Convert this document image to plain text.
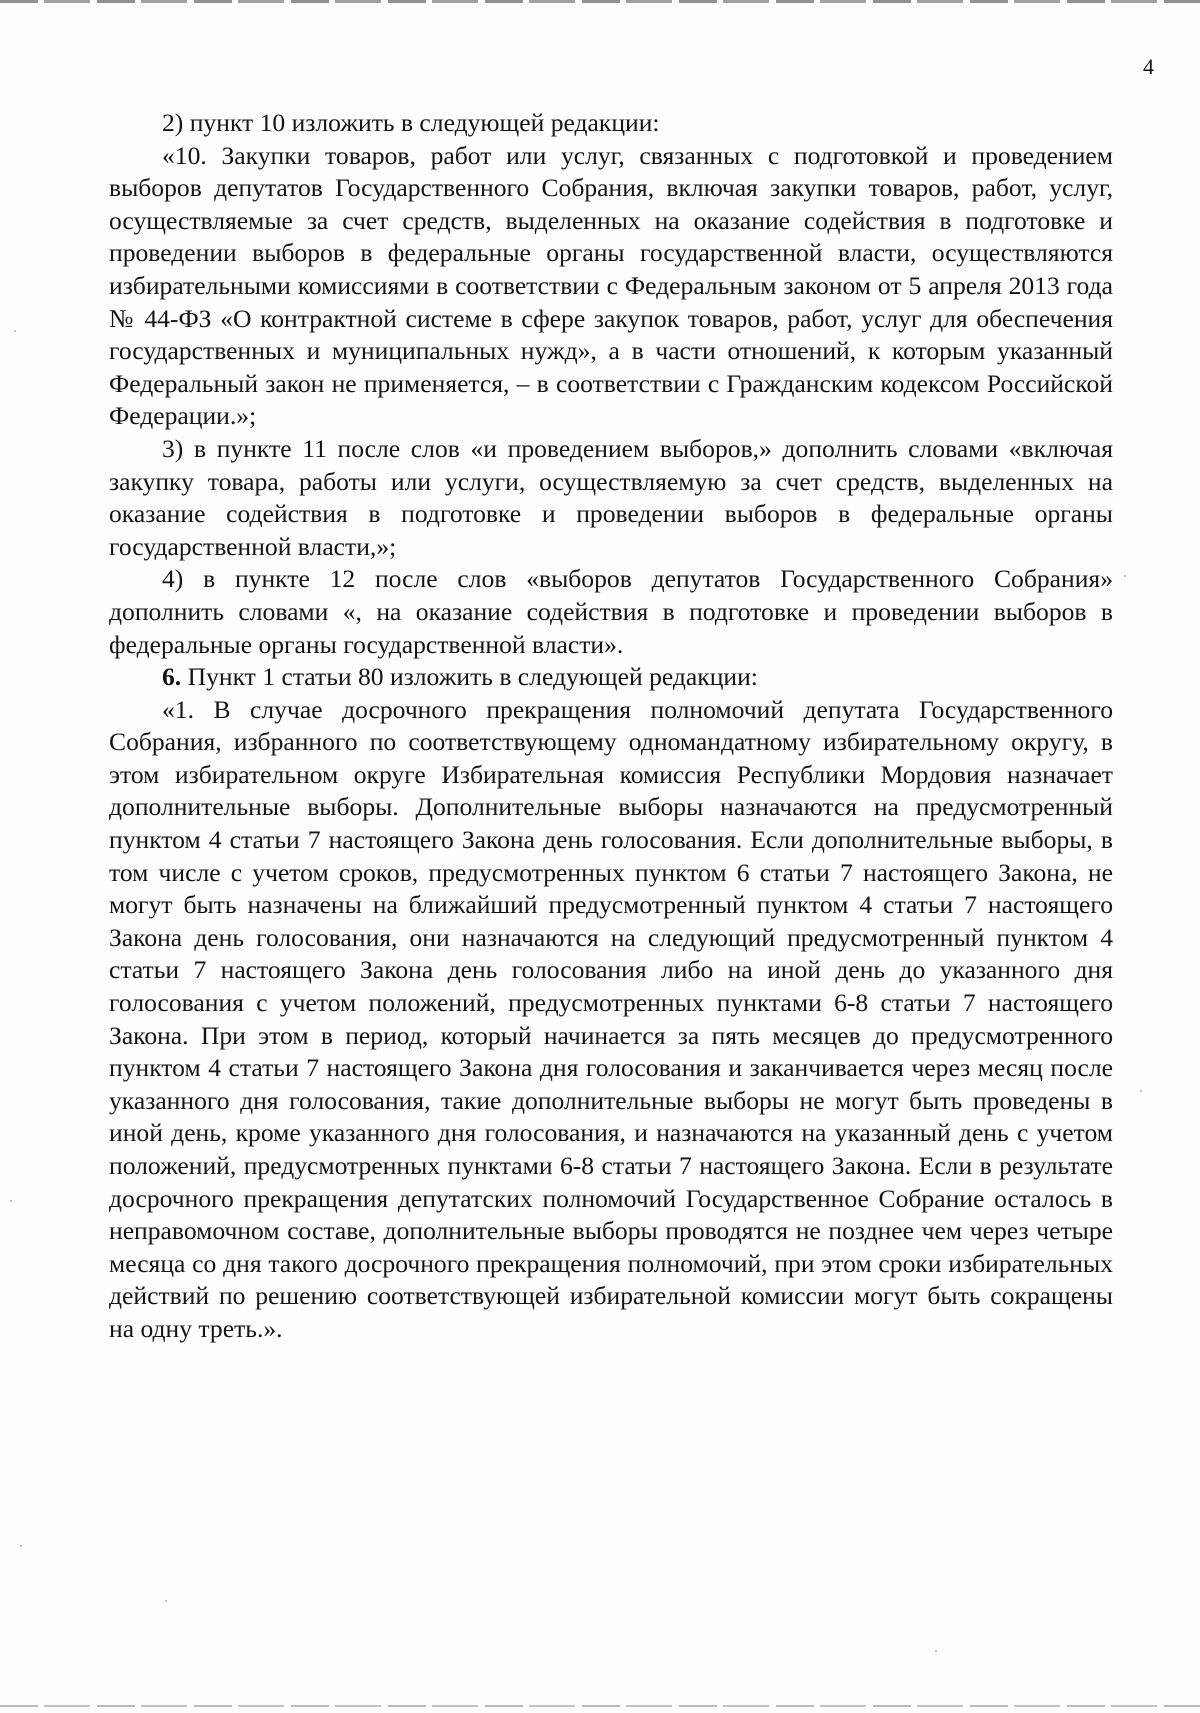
4

2) пункт 10 изложить в следующей редакции:

«10. Закупки товаров, работ или услуг, связанных с подготовкой и проведением выборов депутатов Государственного Собрания, включая закупки товаров, работ, услуг, осуществляемые за счет средств, выделенных на оказание содействия в подготовке и проведении выборов в федеральные органы государственной власти, осуществляются избирательными комиссиями в соответствии с Федеральным законом от 5 апреля 2013 года № 44-ФЗ «О контрактной системе в сфере закупок товаров, работ, услуг для обеспечения государственных и муниципальных нужд», а в части отношений, к которым указанный Федеральный закон не применяется, – в соответствии с Гражданским кодексом Российской Федерации.»;

3) в пункте 11 после слов «и проведением выборов,» дополнить словами «включая закупку товара, работы или услуги, осуществляемую за счет средств, выделенных на оказание содействия в подготовке и проведении выборов в федеральные органы государственной власти,»;

4) в пункте 12 после слов «выборов депутатов Государственного Собрания» дополнить словами «, на оказание содействия в подготовке и проведении выборов в федеральные органы государственной власти».

6. Пункт 1 статьи 80 изложить в следующей редакции:

«1. В случае досрочного прекращения полномочий депутата Государственного Собрания, избранного по соответствующему одномандатному избирательному округу, в этом избирательном округе Избирательная комиссия Республики Мордовия назначает дополнительные выборы. Дополнительные выборы назначаются на предусмотренный пунктом 4 статьи 7 настоящего Закона день голосования. Если дополнительные выборы, в том числе с учетом сроков, предусмотренных пунктом 6 статьи 7 настоящего Закона, не могут быть назначены на ближайший предусмотренный пунктом 4 статьи 7 настоящего Закона день голосования, они назначаются на следующий предусмотренный пунктом 4 статьи 7 настоящего Закона день голосования либо на иной день до указанного дня голосования с учетом положений, предусмотренных пунктами 6-8 статьи 7 настоящего Закона. При этом в период, который начинается за пять месяцев до предусмотренного пунктом 4 статьи 7 настоящего Закона дня голосования и заканчивается через месяц после указанного дня голосования, такие дополнительные выборы не могут быть проведены в иной день, кроме указанного дня голосования, и назначаются на указанный день с учетом положений, предусмотренных пунктами 6-8 статьи 7 настоящего Закона. Если в результате досрочного прекращения депутатских полномочий Государственное Собрание осталось в неправомочном составе, дополнительные выборы проводятся не позднее чем через четыре месяца со дня такого досрочного прекращения полномочий, при этом сроки избирательных действий по решению соответствующей избирательной комиссии могут быть сокращены на одну треть.».
